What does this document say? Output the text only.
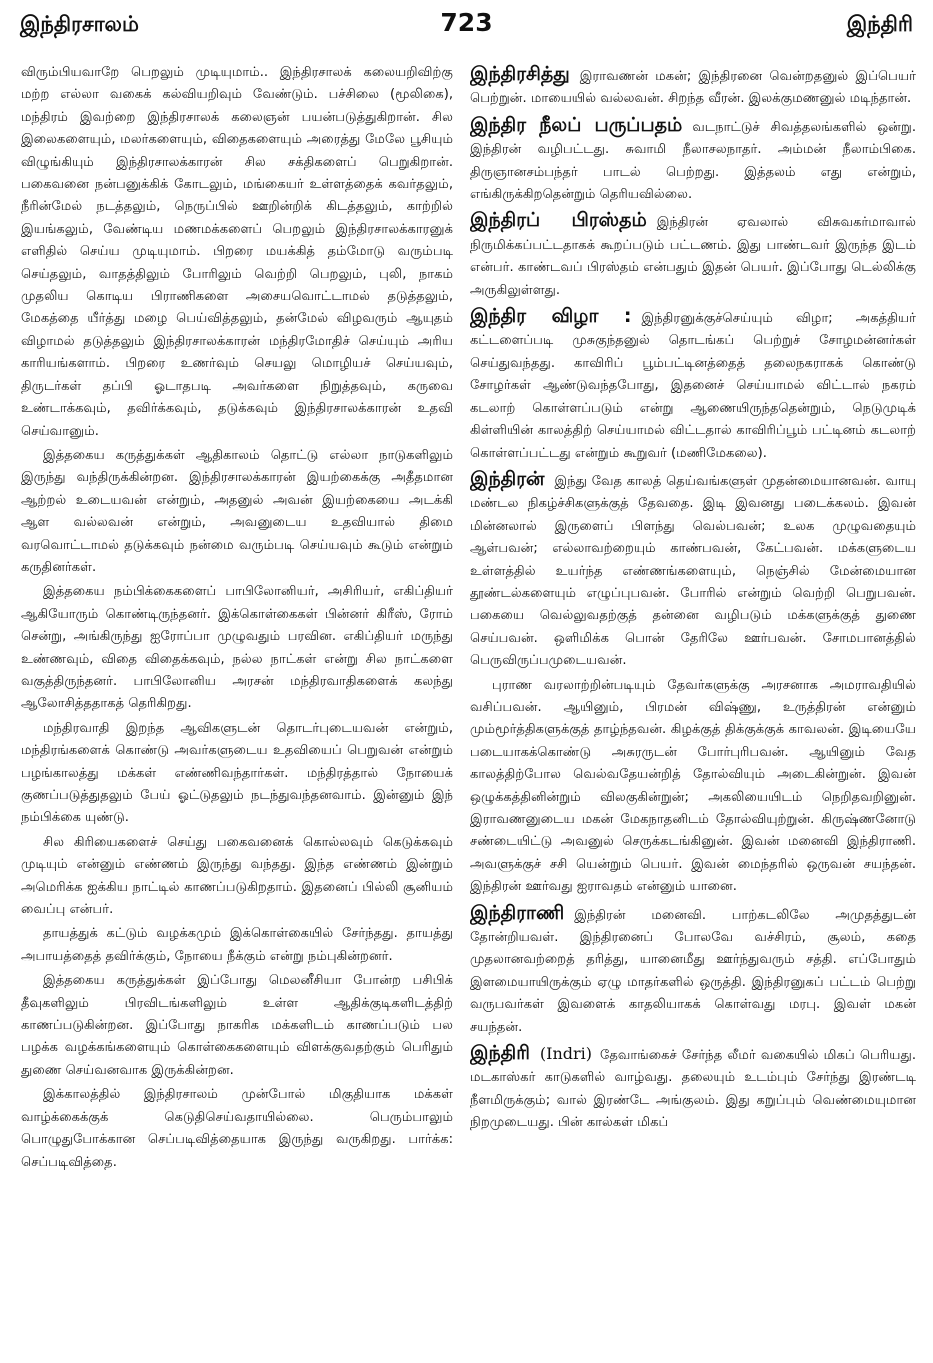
இந்திரசாலம்	723	இந்திரி

விரும்பியவாறே பெறலும் முடியுமாம்.. இந்திரசாலக் கலையறிவிற்கு மற்ற எல்லா வகைக் கல்வியறிவும் வேண்டும். பச்சிலை (மூலிகை), மந்திரம் இவற்றை இந்திரசாலக் கலைஞன் பயன்படுத்துகிறான். சில இலைகளையும், மலர்களையும், விதைகளையும் அரைத்து மேலே பூசியும் விழுங்கியும் இந்திரசாலக்காரன் சில சக்திகளைப் பெறுகிறான். பகைவனை நன்பனுக்கிக் கோடலும், மங்கையர் உள்ளத்தைக் கவர்தலும், நீரின்மேல் நடத்தலும், நெருப்பில் ஊறின்றிக் கிடத்தலும், காற்றில் இயங்கலும், வேண்டிய மணமக்களைப் பெறலும் இந்திரசாலக்காரனுக் எளிதில் செய்ய முடியுமாம். பிறரை மயக்கித் தம்மோடு வரும்படி செய்தலும், வாதத்திலும் போரிலும் வெற்றி பெறலும், புலி, நாகம் முதலிய கொடிய பிராணிகளை அசையவொட்டாமல் தடுத்தலும், மேகத்தை யீர்த்து மழை பெய்வித்தலும், தன்மேல் விழவரும் ஆயுதம் விழாமல் தடுத்தலும் இந்திரசாலக்காரன் மந்திரமோதிச் செய்யும் அரிய காரியங்களாம். பிறரை உணர்வும் செயலு மொழியச் செய்யவும், திருடர்கள் தப்பி ஓடாதபடி அவர்களை நிறுத்தவும், கருவை உண்டாக்கவும், தவிர்க்கவும், தடுக்கவும் இந்திரசாலக்காரன் உதவி செய்வானும்.

இத்தகைய கருத்துக்கள் ஆதிகாலம் தொட்டு எல்லா நாடுகளிலும் இருந்து வந்திருக்கின்றன. இந்திரசாலக்காரன் இயற்கைக்கு அதீதமான ஆற்றல் உடையவன் என்றும், அதனுல் அவன் இயற்கையை அடக்கி ஆள வல்லவன் என்றும், அவனுடைய உதவியால் திமை வரவொட்டாமல் தடுக்கவும் நன்மை வரும்படி செய்யவும் கூடும் என்றும் கருதினர்கள்.

இத்தகைய நம்பிக்கைகளைப் பாபிலோனியர், அசிரியர், எகிப்தியர் ஆகியோரும் கொண்டிருந்தனர். இக்கொள்கைகள் பின்னர் கிரீஸ், ரோம் சென்று, அங்கிருந்து ஐரோப்பா முழுவதும் பரவின. எகிப்தியர் மருந்து உண்ணவும், விதை விதைக்கவும், நல்ல நாட்கள் என்று சில நாட்களை வகுத்திருந்தனர். பாபிலோனிய அரசன் மந்திரவாதிகளைக் கலந்து ஆலோசித்ததாகத் தெரிகிறது.

மந்திரவாதி இறந்த ஆவிகளுடன் தொடர்புடையவன் என்றும், மந்திரங்களைக் கொண்டு அவர்களுடைய உதவியைப் பெறுவன் என்றும் பழங்காலத்து மக்கள் எண்ணிவந்தார்கள். மந்திரத்தால் நோயைக் குணப்படுத்துதலும் பேய் ஓட்டுதலும் நடந்துவந்தனவாம். இன்னும் இந் நம்பிக்கை யுண்டு.

சில கிரியைகளைச் செய்து பகைவனைக் கொல்லவும் கெடுக்கவும் முடியும் என்னும் எண்ணம் இருந்து வந்தது. இந்த எண்ணம் இன்றும் அமெரிக்க ஐக்கிய நாட்டில் காணப்படுகிறதாம். இதனைப் பில்லி சூனியம் வைப்பு என்பர்.

தாயத்துக் கட்டும் வழக்கமும் இக்கொள்கையில் சேர்ந்தது. தாயத்து அபாயத்தைத் தவிர்க்கும், நோயை நீக்கும் என்று நம்புகின்றனர்.

இத்தகைய கருத்துக்கள் இப்போது மெலனீசியா போன்ற பசிபிக் தீவுகளிலும் பிரவிடங்களிலும் உள்ள ஆதிக்குடிகளிடத்திற் காணப்படுகின்றன. இப்போது நாகரிக மக்களிடம் காணப்படும் பல பழக்க வழக்கங்களையும் கொள்கைகளையும் விளக்குவதற்கும் பெரிதும் துணை செய்வனவாக இருக்கின்றன.

இக்காலத்தில் இந்திரசாலம் முன்போல் மிகுதியாக மக்கள் வாழ்க்கைக்குக் கெடுதிசெய்வதாயில்லை. பெரும்பாலும் பொழுதுபோக்கான செப்படிவித்தையாக இருந்து வருகிறது. பார்க்க: செப்படிவித்தை.

இந்திரசித்து இராவணன் மகன்; இந்திரனை வென்றதனுல் இப்பெயர் பெற்றுன். மாயையில் வல்லவன். சிறந்த வீரன். இலக்குமணனுல் மடிந்தான்.

இந்திர நீலப் பருப்பதம் வடநாட்டுச் சிவத்தலங்களில் ஒன்று. இந்திரன் வழிபட்டது. சுவாமி நீலாசலநாதர். அம்மன் நீலாம்பிகை. திருஞானசம்பந்தர் பாடல் பெற்றது. இத்தலம் எது என்றும், எங்கிருக்கிறதென்றும் தெரியவில்லை.

இந்திரப் பிரஸ்தம் இந்திரன் ஏவலால் விசுவகர்மாவால் நிருமிக்கப்பட்டதாகக் கூறப்படும் பட்டணம். இது பாண்டவர் இருந்த இடம் என்பர். காண்டவப் பிரஸ்தம் என்பதும் இதன் பெயர். இப்போது டெல்லிக்கு அருகிலுள்ளது.

இந்திர விழா : இந்திரனுக்குச்செய்யும் விழா; அகத்தியர் கட்டளைப்படி முசுகுந்தனுல் தொடங்கப் பெற்றுச் சோழமன்னர்கள் செய்துவந்தது. காவிரிப் பூம்பட்டினத்தைத் தலைநகராகக் கொண்டு சோழர்கள் ஆண்டுவந்தபோது, இதனைச் செய்யாமல் விட்டால் நகரம் கடலாற் கொள்ளப்படும் என்று ஆணையிருந்ததென்றும், நெடுமுடிக் கிள்ளியின் காலத்திற் செய்யாமல் விட்டதால் காவிரிப்பூம் பட்டினம் கடலாற் கொள்ளப்பட்டது என்றும் கூறுவர் (மணிமேகலை).

இந்திரன் இந்து வேத காலத் தெய்வங்களுள் முதன்மையானவன். வாயு மண்டல நிகழ்ச்சிகளுக்குத் தேவதை. இடி இவனது படைக்கலம். இவன் மின்னலால் இருளைப் பிளந்து வெல்பவன்; உலக முழுவதையும் ஆள்பவன்; எல்லாவற்றையும் காண்பவன், கேட்பவன். மக்களுடைய உள்ளத்தில் உயர்ந்த எண்ணங்களையும், நெஞ்சில் மேன்மையான தூண்டல்களையும் எழுப்புபவன். போரில் என்றும் வெற்றி பெறுபவன். பகையை வெல்லுவதற்குத் தன்னை வழிபடும் மக்களுக்குத் துணை செய்பவன். ஒளிமிக்க பொன் தேரிலே ஊர்பவன். சோமபானத்தில் பெருவிருப்பமுடையவன்.

புராண வரலாற்றின்படியும் தேவர்களுக்கு அரசனாக அமராவதியில் வசிப்பவன். ஆயினும், பிரமன் விஷ்ணு, உருத்திரன் என்னும் மும்மூர்த்திகளுக்குத் தாழ்ந்தவன். கிழக்குத் திக்குக்குக் காவலன். இடியையே படையாகக்கொண்டு அசுரருடன் போர்புரிபவன். ஆயினும் வேத காலத்திற்போல வெல்வதேயன்றித் தோல்வியும் அடைகின்றுன். இவன் ஒழுக்கத்தினின்றும் விலகுகின்றுன்; அகலியையிடம் நெறிதவறினுன். இராவணனுடைய மகன் மேகநாதனிடம் தோல்வியுற்றுன். கிருஷ்ணனோடு சண்டையிட்டு அவனுல் செருக்கடங்கினுன். இவன் மனைவி இந்திராணி. அவளுக்குச் சசி யென்றும் பெயர். இவன் மைந்தரில் ஒருவன் சயந்தன். இந்திரன் ஊர்வது ஐராவதம் என்னும் யானை.

இந்திராணி இந்திரன் மனைவி. பாற்கடலிலே அமுதத்துடன் தோன்றியவள். இந்திரனைப் போலவே வச்சிரம், சூலம், கதை முதலானவற்றைத் தரித்து, யானைமீது ஊர்ந்துவரும் சத்தி. எப்போதும் இளமையாயிருக்கும் ஏழு மாதர்களில் ஒருத்தி. இந்திரனுகப் பட்டம் பெற்று வருபவர்கள் இவளைக் காதலியாகக் கொள்வது மரபு. இவள் மகன் சயந்தன்.

இந்திரி (Indri) தேவாங்கைச் சேர்ந்த லீமர் வகையில் மிகப் பெரியது. மடகாஸ்கர் காடுகளில் வாழ்வது. தலையும் உடம்பும் சேர்ந்து இரண்டடி நீளமிருக்கும்; வால் இரண்டே அங்குலம். இது கறுப்பும் வெண்மையுமான நிறமுடையது. பின் கால்கள் மிகப்
